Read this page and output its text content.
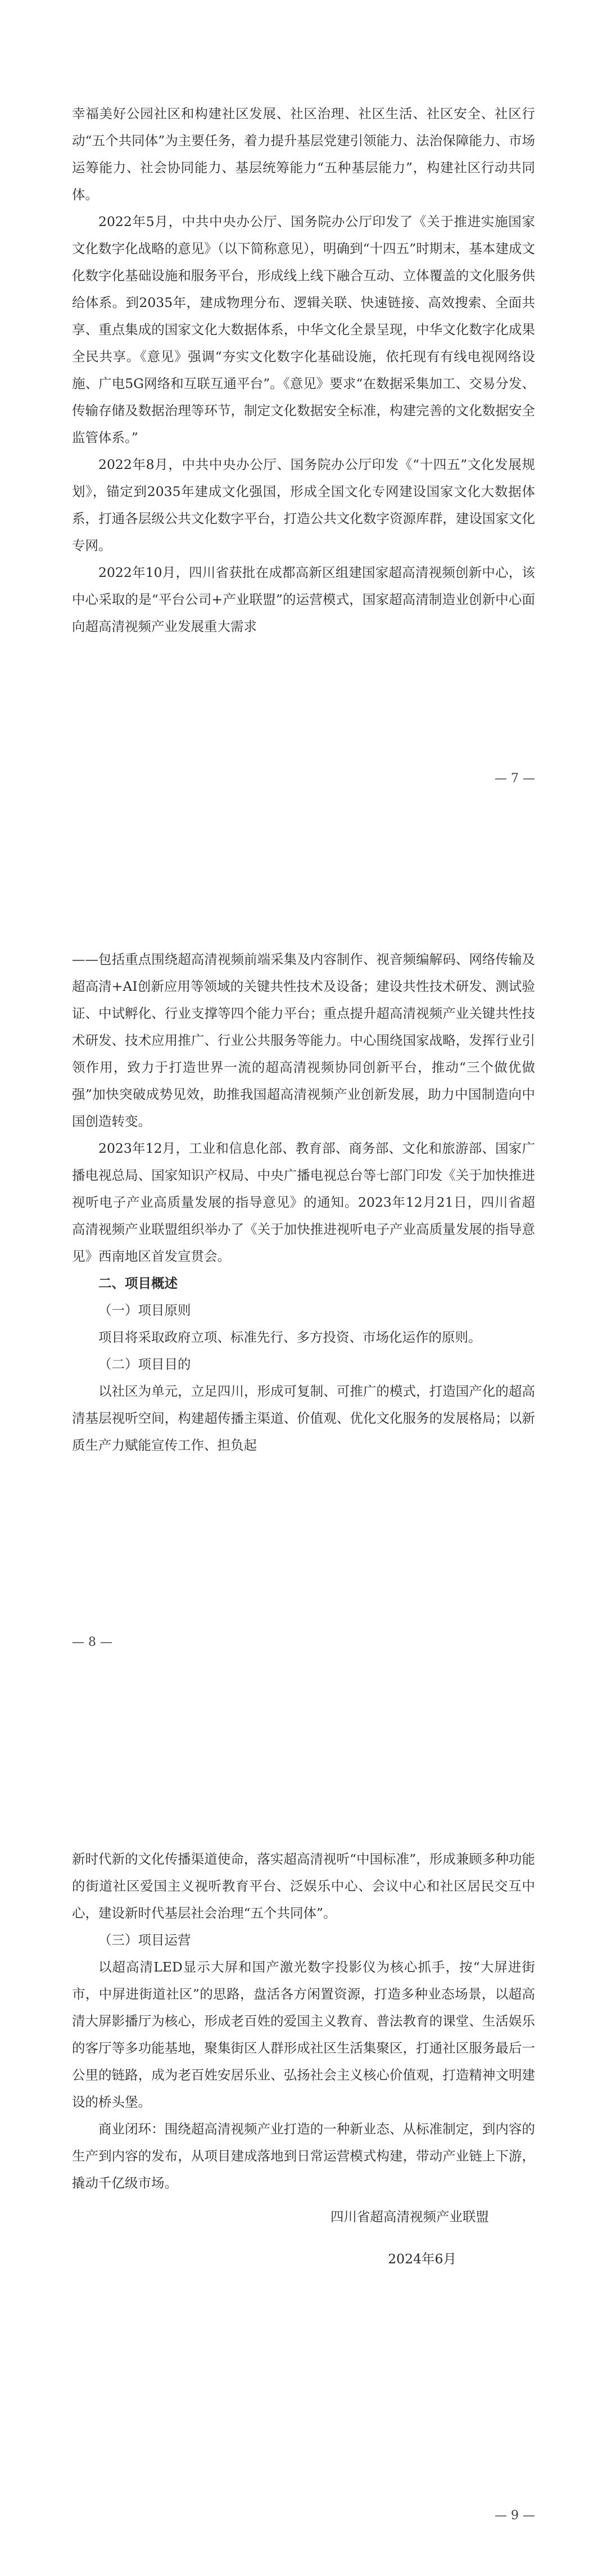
幸福美好公园社区和构建社区发展、社区治理、社区生活、社区安全、社区行动“五个共同体”为主要任务，着力提升基层党建引领能力、法治保障能力、市场运筹能力、社会协同能力、基层统筹能力“五种基层能力”，构建社区行动共同体。

2022年5月，中共中央办公厅、国务院办公厅印发了《关于推进实施国家文化数字化战略的意见》（以下简称意见），明确到“十四五”时期末，基本建成文化数字化基础设施和服务平台，形成线上线下融合互动、立体覆盖的文化服务供给体系。到2035年，建成物理分布、逻辑关联、快速链接、高效搜索、全面共享、重点集成的国家文化大数据体系，中华文化全景呈现，中华文化数字化成果全民共享。《意见》强调“夯实文化数字化基础设施，依托现有有线电视网络设施、广电5G网络和互联互通平台”。《意见》要求“在数据采集加工、交易分发、传输存储及数据治理等环节，制定文化数据安全标准，构建完善的文化数据安全监管体系。”

2022年8月，中共中央办公厅、国务院办公厅印发《“十四五”文化发展规划》，锚定到2035年建成文化强国，形成全国文化专网建设国家文化大数据体系，打通各层级公共文化数字平台，打造公共文化数字资源库群，建设国家文化专网。

2022年10月，四川省获批在成都高新区组建国家超高清视频创新中心，该中心采取的是“平台公司+产业联盟”的运营模式，国家超高清制造业创新中心面向超高清视频产业发展重大需求

— 7 —

——包括重点围绕超高清视频前端采集及内容制作、视音频编解码、网络传输及超高清+AI创新应用等领域的关键共性技术及设备；建设共性技术研发、测试验证、中试孵化、行业支撑等四个能力平台；重点提升超高清视频产业关键共性技术研发、技术应用推广、行业公共服务等能力。中心围绕国家战略，发挥行业引领作用，致力于打造世界一流的超高清视频协同创新平台，推动“三个做优做强”加快突破成势见效，助推我国超高清视频产业创新发展，助力中国制造向中国创造转变。

2023年12月，工业和信息化部、教育部、商务部、文化和旅游部、国家广播电视总局、国家知识产权局、中央广播电视总台等七部门印发《关于加快推进视听电子产业高质量发展的指导意见》的通知。2023年12月21日，四川省超高清视频产业联盟组织举办了《关于加快推进视听电子产业高质量发展的指导意见》西南地区首发宣贯会。

二、项目概述

（一）项目原则

项目将采取政府立项、标准先行、多方投资、市场化运作的原则。

（二）项目目的

以社区为单元，立足四川，形成可复制、可推广的模式，打造国产化的超高清基层视听空间，构建超传播主渠道、价值观、优化文化服务的发展格局；以新质生产力赋能宣传工作、担负起

— 8 —

新时代新的文化传播渠道使命，落实超高清视听“中国标准”，形成兼顾多种功能的街道社区爱国主义视听教育平台、泛娱乐中心、会议中心和社区居民交互中心，建设新时代基层社会治理“五个共同体”。

（三）项目运营

以超高清LED显示大屏和国产激光数字投影仪为核心抓手，按“大屏进街市，中屏进街道社区”的思路，盘活各方闲置资源，打造多种业态场景，以超高清大屏影播厅为核心，形成老百姓的爱国主义教育、普法教育的课堂、生活娱乐的客厅等多功能基地，聚集街区人群形成社区生活集聚区，打通社区服务最后一公里的链路，成为老百姓安居乐业、弘扬社会主义核心价值观，打造精神文明建设的桥头堡。

商业闭环：围绕超高清视频产业打造的一种新业态、从标准制定，到内容的生产到内容的发布，从项目建成落地到日常运营模式构建，带动产业链上下游，撬动千亿级市场。

四川省超高清视频产业联盟
2024年6月
— 9 —
